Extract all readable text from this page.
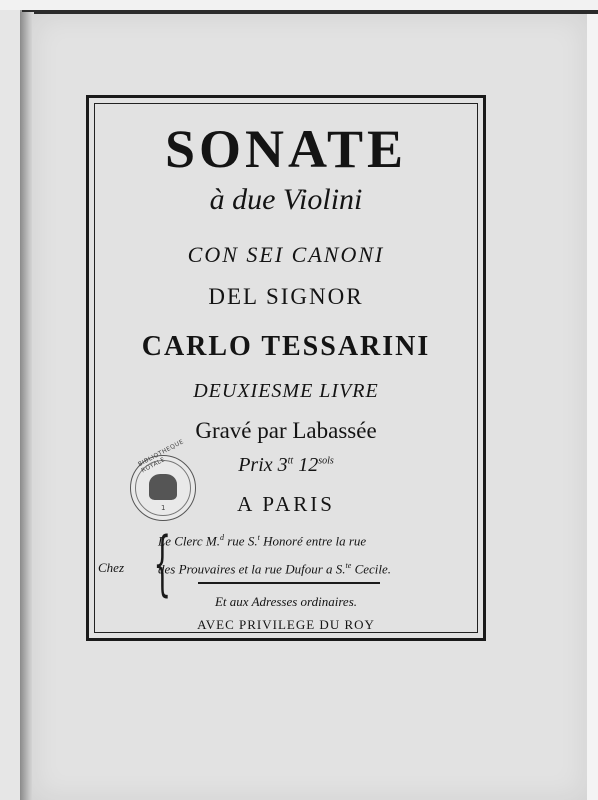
SONATE
à due Violini
CON SEI CANONI
DEL SIGNOR
CARLO TESSARINI
DEUXIESME LIVRE
Gravé par Labassée
Prix $3^{tt}$ $12^{sols}$
A PARIS
Chez {
Le Clerc M.$^d$ rue S.$^t$ Honoré entre la rue
des Prouvaires et la rue Dufour a S.$^{te}$ Cecile.
Et aux Adresses ordinaires.
AVEC PRIVILEGE DU ROY
BIBLIOTHEQUE ROYALE
1
